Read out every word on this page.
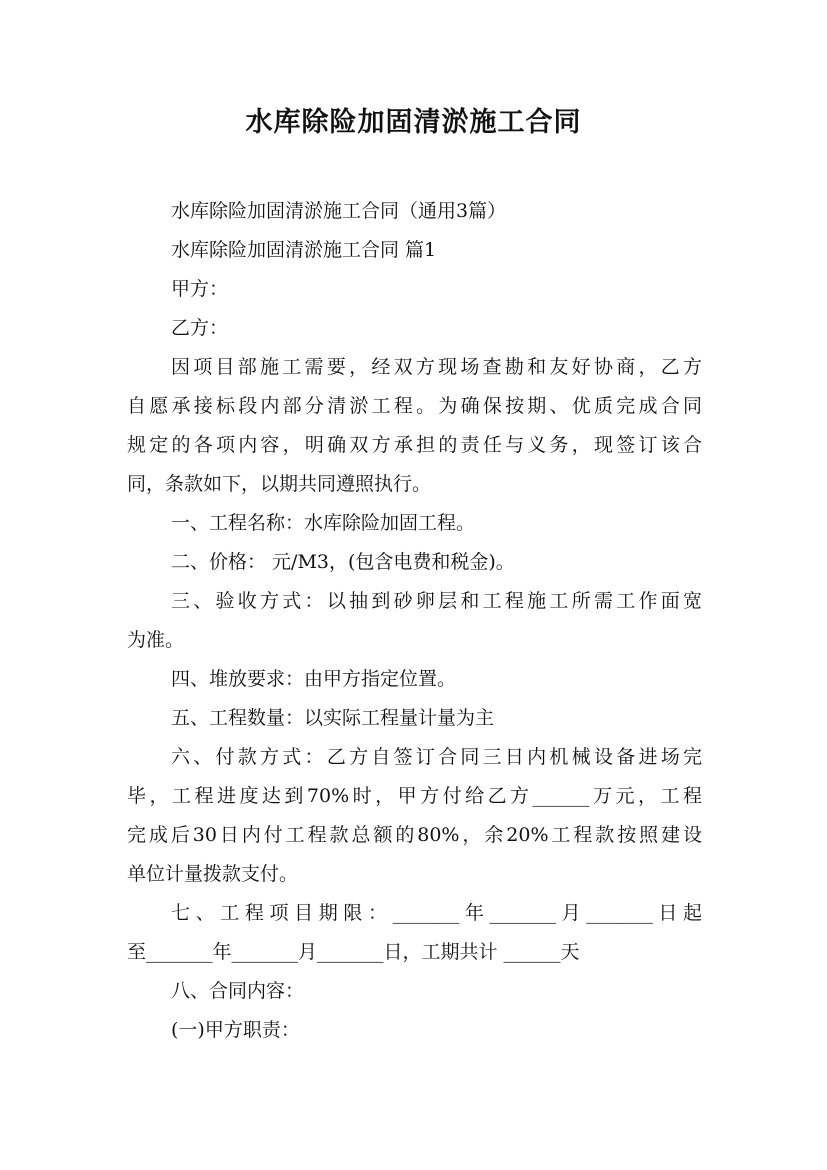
水库除险加固清淤施工合同
水库除险加固清淤施工合同（通用3篇）
水库除险加固清淤施工合同 篇1
甲方：
乙方：
因项目部施工需要，经双方现场查勘和友好协商，乙方
自愿承接标段内部分清淤工程。为确保按期、优质完成合同
规定的各项内容，明确双方承担的责任与义务，现签订该合
同，条款如下，以期共同遵照执行。
一、工程名称：水库除险加固工程。
二、价格： 元/M3，(包含电费和税金)。
三、验收方式：以抽到砂卵层和工程施工所需工作面宽
为准。
四、堆放要求：由甲方指定位置。
五、工程数量：以实际工程量计量为主
六、付款方式：乙方自签订合同三日内机械设备进场完
毕，工程进度达到70%时，甲方付给乙方______万元，工程
完成后30日内付工程款总额的80%，余20%工程款按照建设
单位计量拨款支付。
七、工程项目期限：_______年_______月_______日起
至_______年_______月_______日，工期共计 ______天
八、合同内容：
(一)甲方职责：
